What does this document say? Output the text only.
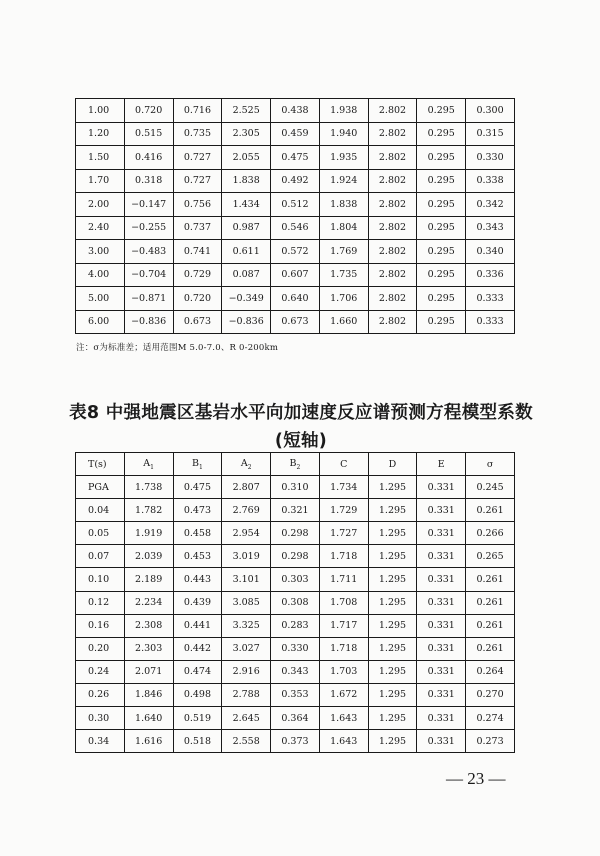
1.00	0.720	0.716	2.525	0.438	1.938	2.802	0.295	0.300
1.20	0.515	0.735	2.305	0.459	1.940	2.802	0.295	0.315
1.50	0.416	0.727	2.055	0.475	1.935	2.802	0.295	0.330
1.70	0.318	0.727	1.838	0.492	1.924	2.802	0.295	0.338
2.00	−0.147	0.756	1.434	0.512	1.838	2.802	0.295	0.342
2.40	−0.255	0.737	0.987	0.546	1.804	2.802	0.295	0.343
3.00	−0.483	0.741	0.611	0.572	1.769	2.802	0.295	0.340
4.00	−0.704	0.729	0.087	0.607	1.735	2.802	0.295	0.336
5.00	−0.871	0.720	−0.349	0.640	1.706	2.802	0.295	0.333
6.00	−0.836	0.673	−0.836	0.673	1.660	2.802	0.295	0.333
注：σ为标准差；适用范围M 5.0-7.0、R 0-200km
表8 中强地震区基岩水平向加速度反应谱预测方程模型系数(短轴)
T(s)	$A_1$	$B_1$	$A_2$	$B_2$	C	D	E	σ
PGA	1.738	0.475	2.807	0.310	1.734	1.295	0.331	0.245
0.04	1.782	0.473	2.769	0.321	1.729	1.295	0.331	0.261
0.05	1.919	0.458	2.954	0.298	1.727	1.295	0.331	0.266
0.07	2.039	0.453	3.019	0.298	1.718	1.295	0.331	0.265
0.10	2.189	0.443	3.101	0.303	1.711	1.295	0.331	0.261
0.12	2.234	0.439	3.085	0.308	1.708	1.295	0.331	0.261
0.16	2.308	0.441	3.325	0.283	1.717	1.295	0.331	0.261
0.20	2.303	0.442	3.027	0.330	1.718	1.295	0.331	0.261
0.24	2.071	0.474	2.916	0.343	1.703	1.295	0.331	0.264
0.26	1.846	0.498	2.788	0.353	1.672	1.295	0.331	0.270
0.30	1.640	0.519	2.645	0.364	1.643	1.295	0.331	0.274
0.34	1.616	0.518	2.558	0.373	1.643	1.295	0.331	0.273
— 23 —
